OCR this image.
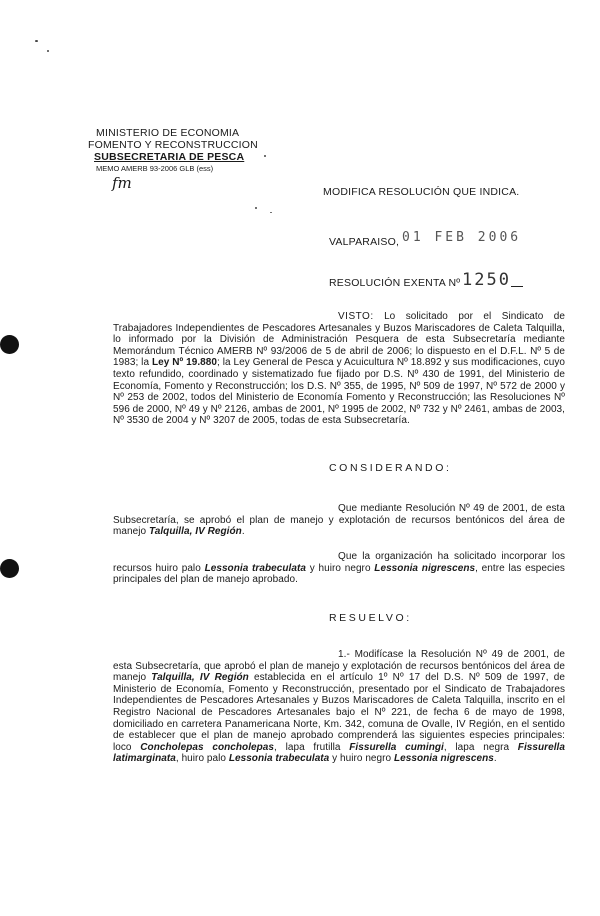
MINISTERIO DE ECONOMIA
FOMENTO Y RECONSTRUCCION
SUBSECRETARIA DE PESCA
MEMO AMERB 93-2006 GLB (ess)
fm	MODIFICA RESOLUCIÓN QUE INDICA.
VALPARAISO, 01 FEB 2006
RESOLUCIÓN EXENTA Nº 1250
VISTO: Lo solicitado por el Sindicato de Trabajadores Independientes de Pescadores Artesanales y Buzos Mariscadores de Caleta Talquilla, lo informado por la División de Administración Pesquera de esta Subsecretaría mediante Memorándum Técnico AMERB Nº 93/2006 de 5 de abril de 2006; lo dispuesto en el D.F.L. Nº 5 de 1983; la Ley Nº 19.880; la Ley General de Pesca y Acuicultura Nº 18.892 y sus modificaciones, cuyo texto refundido, coordinado y sistematizado fue fijado por D.S. Nº 430 de 1991, del Ministerio de Economía, Fomento y Reconstrucción; los D.S. Nº 355, de 1995, Nº 509 de 1997, Nº 572 de 2000 y Nº 253 de 2002, todos del Ministerio de Economía Fomento y Reconstrucción; las Resoluciones Nº 596 de 2000, Nº 49 y Nº 2126, ambas de 2001, Nº 1995 de 2002, Nº 732 y Nº 2461, ambas de 2003, Nº 3530 de 2004 y Nº 3207 de 2005, todas de esta Subsecretaría.
CONSIDERANDO:
Que mediante Resolución Nº 49 de 2001, de esta Subsecretaría, se aprobó el plan de manejo y explotación de recursos bentónicos del área de manejo Talquilla, IV Región.
Que la organización ha solicitado incorporar los recursos huiro palo Lessonia trabeculata y huiro negro Lessonia nigrescens, entre las especies principales del plan de manejo aprobado.
RESUELVO:
1.- Modifícase la Resolución Nº 49 de 2001, de esta Subsecretaría, que aprobó el plan de manejo y explotación de recursos bentónicos del área de manejo Talquilla, IV Región establecida en el artículo 1º Nº 17 del D.S. Nº 509 de 1997, de Ministerio de Economía, Fomento y Reconstrucción, presentado por el Sindicato de Trabajadores Independientes de Pescadores Artesanales y Buzos Mariscadores de Caleta Talquilla, inscrito en el Registro Nacional de Pescadores Artesanales bajo el Nº 221, de fecha 6 de mayo de 1998, domiciliado en carretera Panamericana Norte, Km. 342, comuna de Ovalle, IV Región, en el sentido de establecer que el plan de manejo aprobado comprenderá las siguientes especies principales: loco Concholepas concholepas, lapa frutilla Fissurella cumingi, lapa negra Fissurella latimarginata, huiro palo Lessonia trabeculata y huiro negro Lessonia nigrescens.
